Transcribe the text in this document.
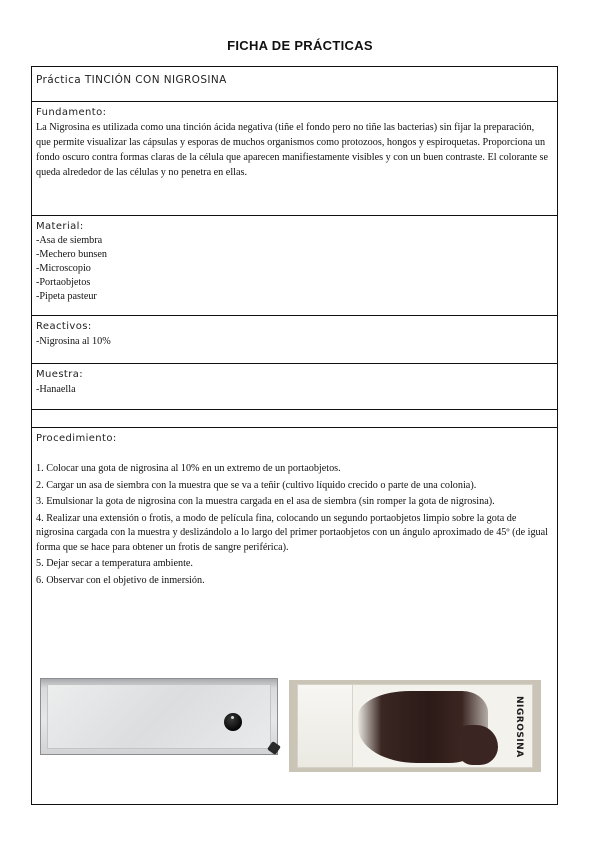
FICHA DE PRÁCTICAS
Práctica TINCIÓN CON NIGROSINA
Fundamento:
La Nigrosina es utilizada como una tinción ácida negativa (tiñe el fondo pero no tiñe las bacterias) sin fijar la preparación, que permite visualizar las cápsulas y esporas de muchos organismos como protozoos, hongos y espiroquetas. Proporciona un fondo oscuro contra formas claras de la célula que aparecen manifiestamente visibles y con un buen contraste. El colorante se queda alrededor de las células y no penetra en ellas.
Material:
-Asa de siembra
-Mechero bunsen
-Microscopio
-Portaobjetos
-Pipeta pasteur
Reactivos:
-Nigrosina al 10%
Muestra:
-Hanaella
Procedimiento:
1. Colocar una gota de nigrosina al 10% en un extremo de un portaobjetos.
2. Cargar un asa de siembra con la muestra que se va a teñir (cultivo líquido crecido o parte de una colonia).
3. Emulsionar la gota de nigrosina con la muestra cargada en el asa de siembra (sin romper la gota de nigrosina).
4. Realizar una extensión o frotis, a modo de película fina, colocando un segundo portaobjetos limpio sobre la gota de nigrosina cargada con la muestra y deslizándolo a lo largo del primer portaobjetos con un ángulo aproximado de 45º (de igual forma que se hace para obtener un frotis de sangre periférica).
5. Dejar secar a temperatura ambiente.
6. Observar con el objetivo de inmersión.
NIGROSINA
